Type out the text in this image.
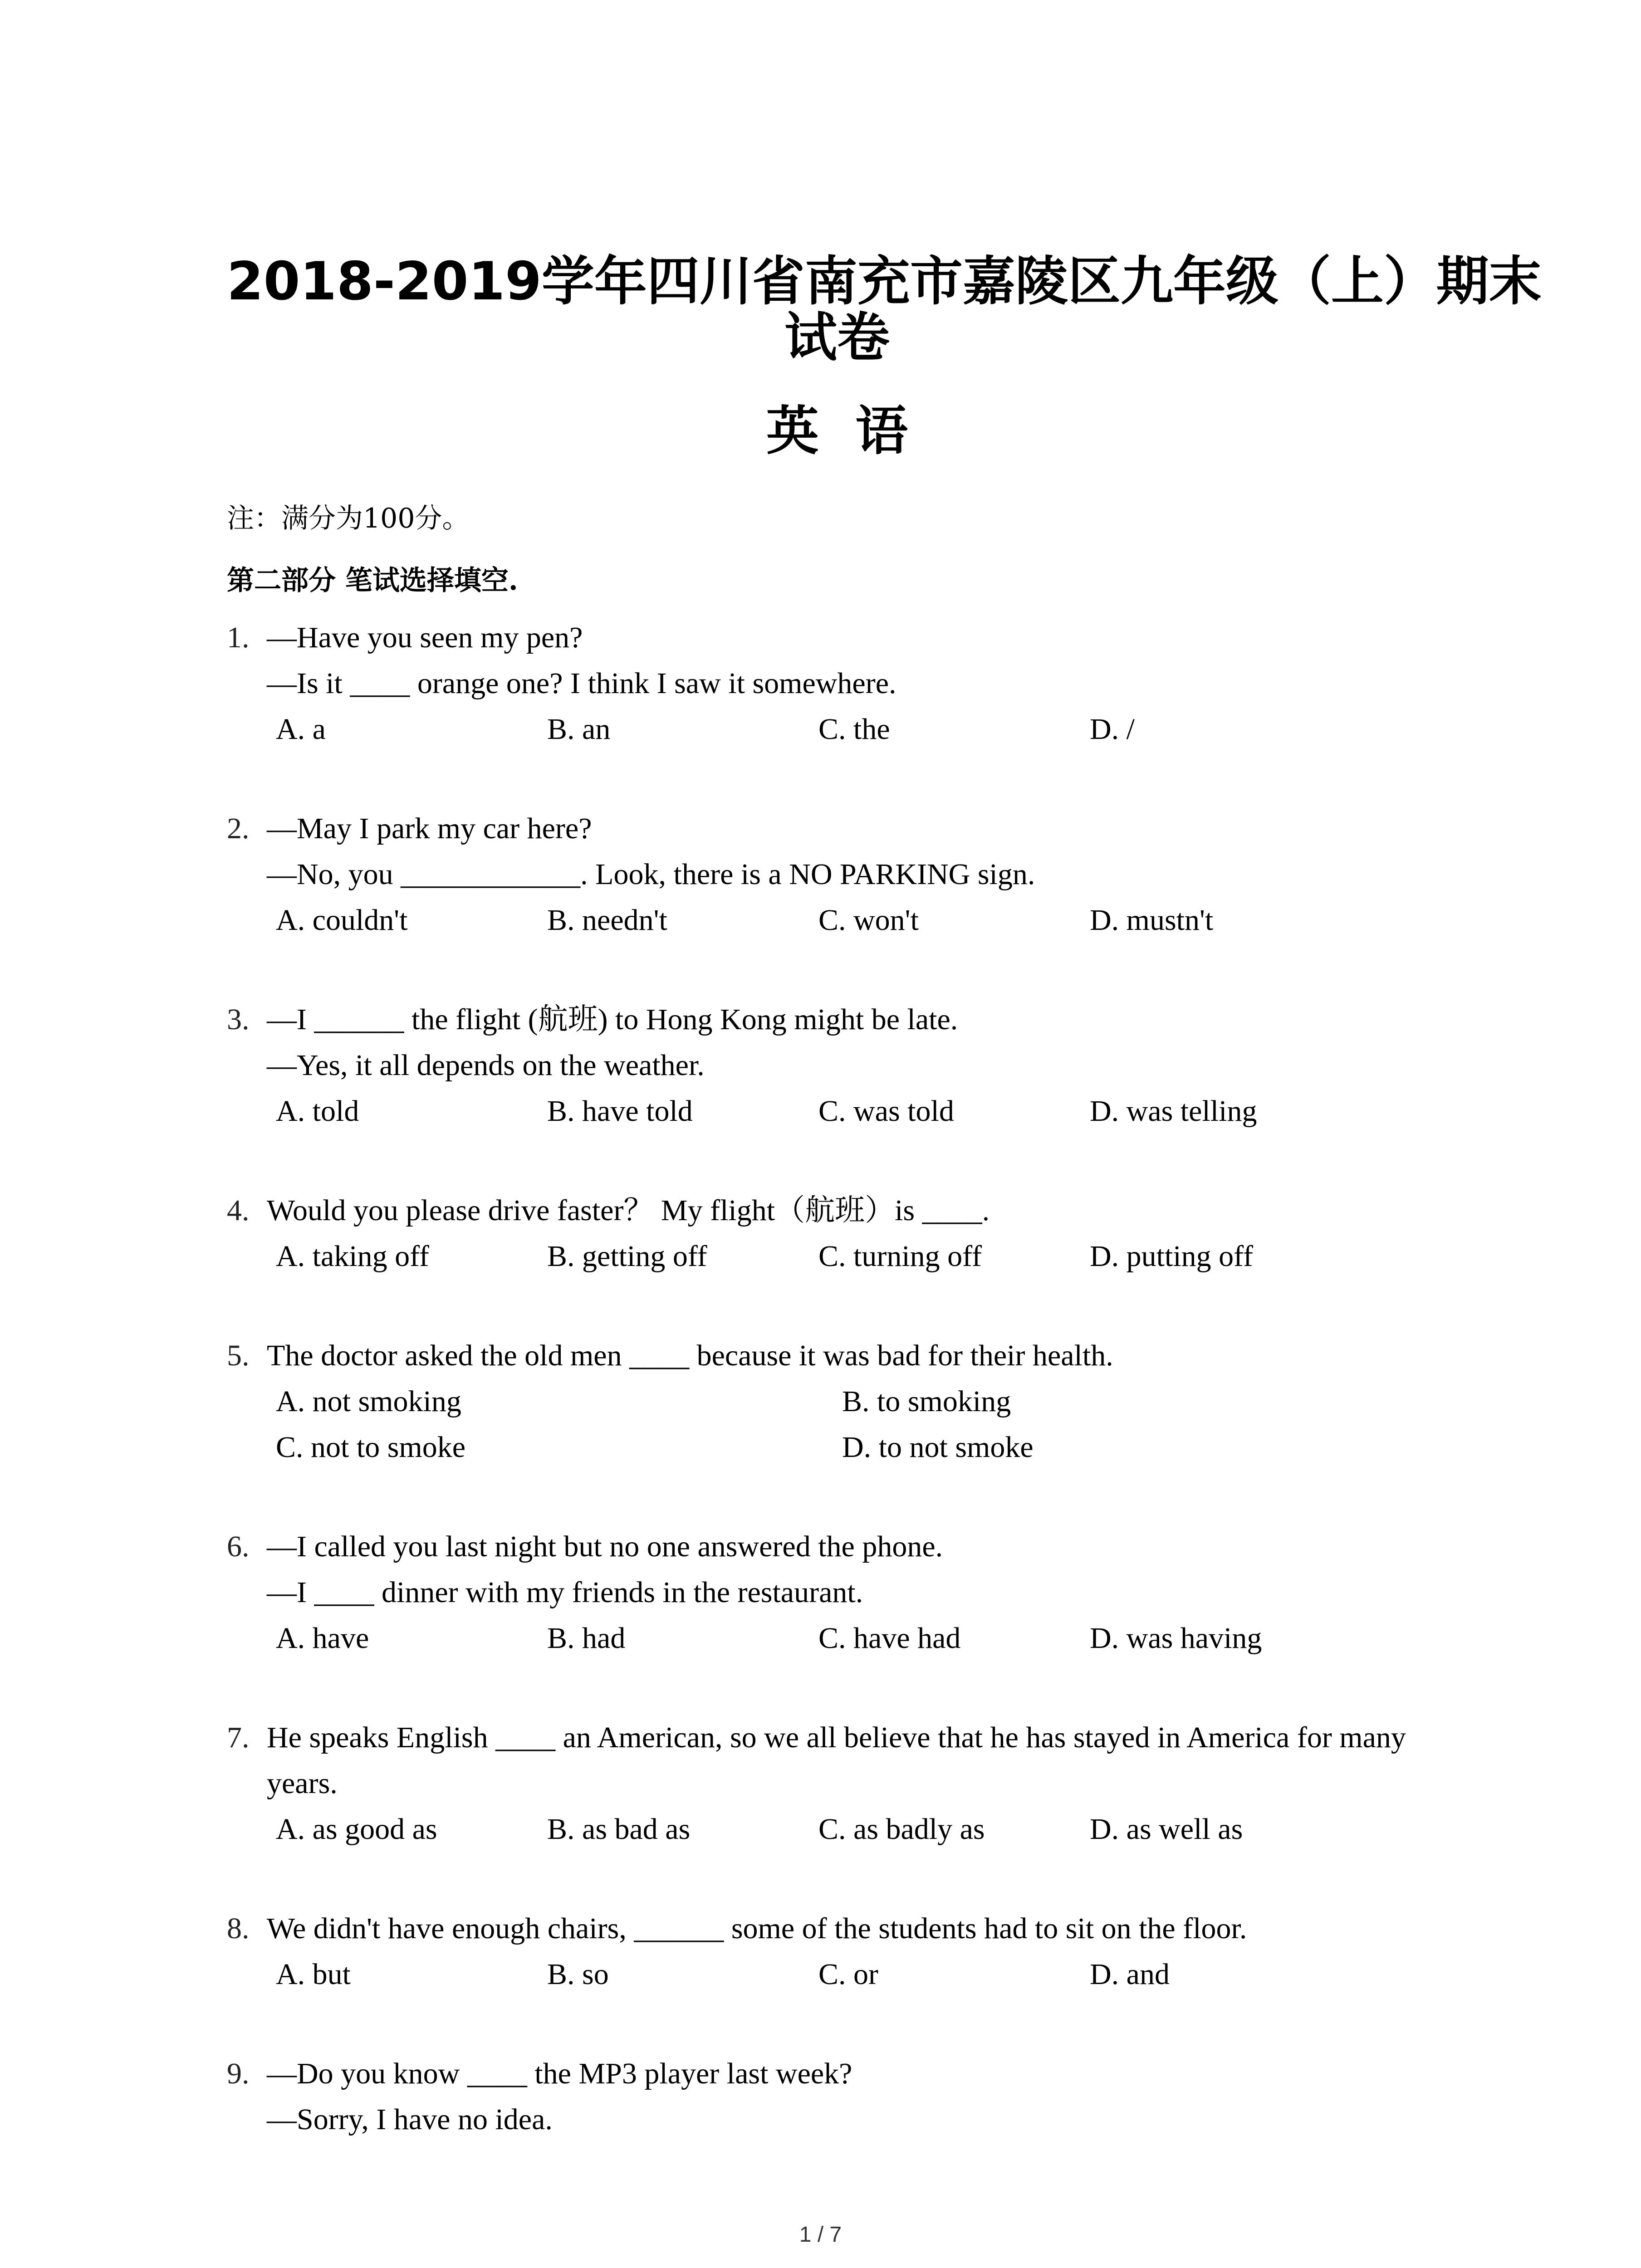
2018-2019学年四川省南充市嘉陵区九年级（上）期末
试卷
英 语
注：满分为100分。
第二部分 笔试选择填空.
1. —Have you seen my pen?
—Is it ____ orange one? I think I saw it somewhere.
A. a	B. an	C. the	D. /
2. —May I park my car here?
—No, you ____________. Look, there is a NO PARKING sign.
A. couldn't	B. needn't	C. won't	D. mustn't
3. —I ______ the flight (航班) to Hong Kong might be late.
—Yes, it all depends on the weather.
A. told	B. have told	C. was told	D. was telling
4. Would you please drive faster？ My flight（航班）is ____.
A. taking off	B. getting off	C. turning off	D. putting off
5. The doctor asked the old men ____ because it was bad for their health.
A. not smoking	B. to smoking
C. not to smoke	D. to not smoke
6. —I called you last night but no one answered the phone.
—I ____ dinner with my friends in the restaurant.
A. have	B. had	C. have had	D. was having
7. He speaks English ____ an American, so we all believe that he has stayed in America for many
years.
A. as good as	B. as bad as	C. as badly as	D. as well as
8. We didn't have enough chairs, ______ some of the students had to sit on the floor.
A. but	B. so	C. or	D. and
9. —Do you know ____ the MP3 player last week?
—Sorry, I have no idea.
1 / 7
